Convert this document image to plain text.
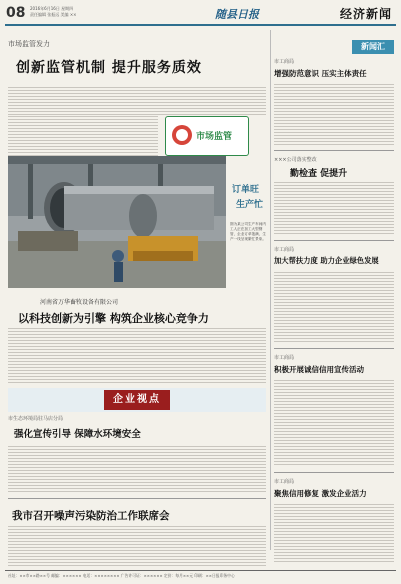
08 2016年6月16日 星期四
责任编辑 张振远 美编 ××	随县日报	经济新闻
市场监管发力
创新监管机制 提升服务质效
市场监管
订单旺
生产忙
图为某公司生产车间内工人正在加工大型钢管，企业订单饱满，生产一线呈现繁忙景象。
新闻汇
市工商局
增强防范意识 压实主体责任
×××公司落实整改
勤检查 促提升
市工商局
加大帮扶力度 助力企业绿色发展
市工商局
积极开展诚信信用宣传活动
市工商局
聚焦信用修复 激发企业活力
河南省万华畜牧设备有限公司
以科技创新为引擎 构筑企业核心竞争力
企业视点
市生态环境局驻马店分局
强化宣传引导 保障水环境安全
我市召开噪声污染防治工作联席会
社址：××市××路××号 邮编：×××××× 电话：×××××××× 广告许可证：×××××× 定价：每月××元 印刷：××日报印务中心
